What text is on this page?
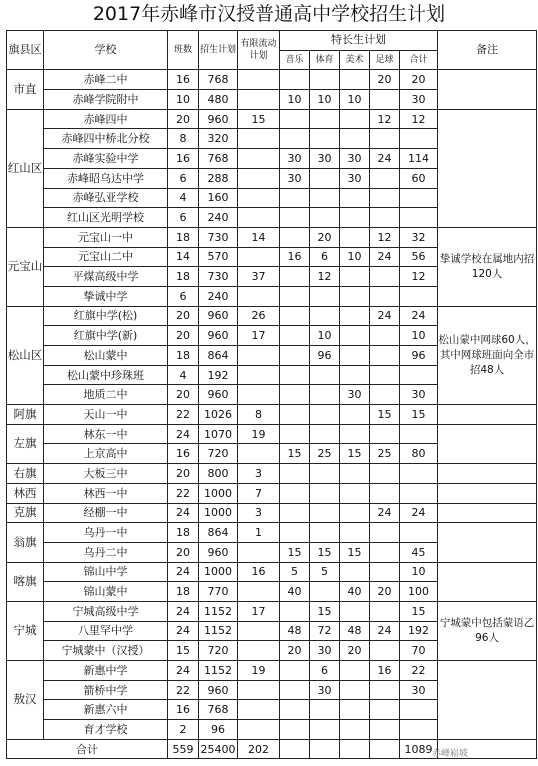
2017年赤峰市汉授普通高中学校招生计划
旗县区	学校	班数	招生计划	有限流动计划	特长生计划					备注
					音乐	体育	美术	足球	合计	
市直	赤峰二中	16	768					20	20	
	赤峰学院附中	10	480		10	10	10		30	
红山区	赤峰四中	20	960	15				12	12	
	赤峰四中桥北分校	8	320							
	赤峰实验中学	16	768		30	30	30	24	114	
	赤峰昭乌达中学	6	288		30		30		60	
	赤峰弘亚学校	4	160							
	红山区光明学校	6	240							
元宝山	元宝山一中	18	730	14		20		12	32	挚诚学校在属地内招120人
	元宝山二中	14	570		16	6	10	24	56	
	平煤高级中学	18	730	37		12			12	
	挚诚中学	6	240							
松山区	红旗中学(松)	20	960	26				24	24	松山蒙中网球60人，其中网球班面向全市招48人
	红旗中学(新)	20	960	17		10			10	
	松山蒙中	18	864			96			96	
	松山蒙中珍珠班	4	192							
	地质二中	20	960				30		30	
阿旗	天山一中	22	1026	8				15	15	
左旗	林东一中	24	1070	19						
	上京高中	16	720		15	25	15	25	80	
右旗	大板三中	20	800	3						
林西	林西一中	22	1000	7						
克旗	经棚一中	24	1000	3				24	24	
翁旗	乌丹一中	18	864	1						
	乌丹二中	20	960		15	15	15		45	
喀旗	锦山中学	24	1000	16	5	5			10	
	锦山蒙中	18	770		40		40	20	100	
宁城	宁城高级中学	24	1152	17		15			15	宁城蒙中包括蒙语乙96人
	八里罕中学	24	1152		48	72	48	24	192	
	宁城蒙中（汉授）	15	720		20	30	20		70	
敖汉	新惠中学	24	1152	19		6		16	22	
	箭桥中学	22	960			30			30	
	新惠六中	16	768							
	育才学校	2	96							
合计		559	25400	202					1089	赤峰崧坡
